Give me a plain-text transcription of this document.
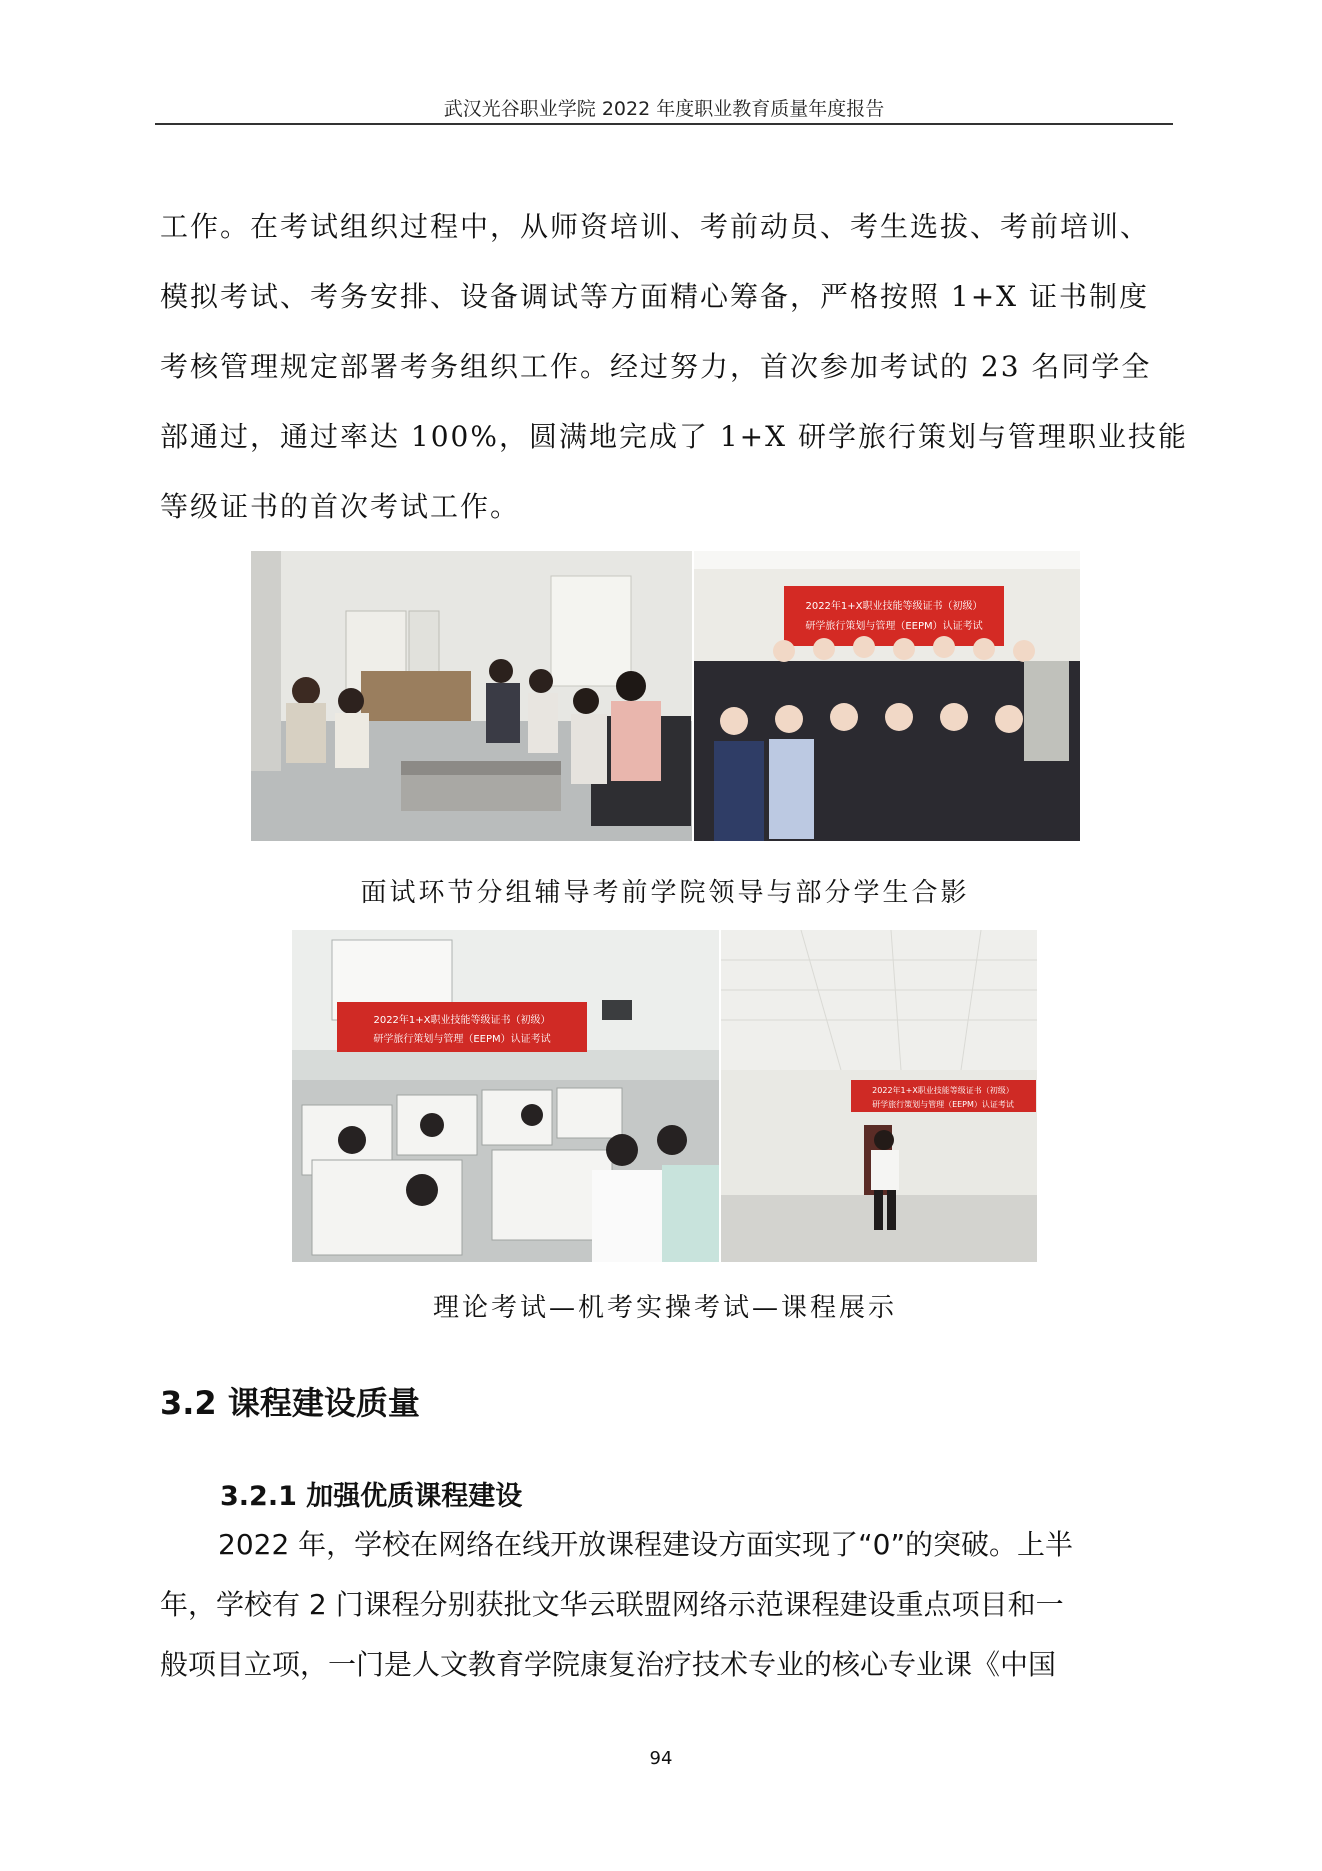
武汉光谷职业学院 2022 年度职业教育质量年度报告

工作。在考试组织过程中，从师资培训、考前动员、考生选拔、考前培训、

模拟考试、考务安排、设备调试等方面精心筹备，严格按照 1+X 证书制度

考核管理规定部署考务组织工作。经过努力，首次参加考试的 23 名同学全

部通过，通过率达 100%，圆满地完成了 1+X 研学旅行策划与管理职业技能

等级证书的首次考试工作。

2022年1+X职业技能等级证书（初级）
研学旅行策划与管理（EEPM）认证考试
面试环节分组辅导考前学院领导与部分学生合影
2022年1+X职业技能等级证书（初级）
研学旅行策划与管理（EEPM）认证考试
2022年1+X职业技能等级证书（初级）
研学旅行策划与管理（EEPM）认证考试
理论考试—机考实操考试—课程展示
3.2 课程建设质量
3.2.1 加强优质课程建设

2022 年，学校在网络在线开放课程建设方面实现了“0”的突破。上半

年，学校有 2 门课程分别获批文华云联盟网络示范课程建设重点项目和一

般项目立项，一门是人文教育学院康复治疗技术专业的核心专业课《中国

94
